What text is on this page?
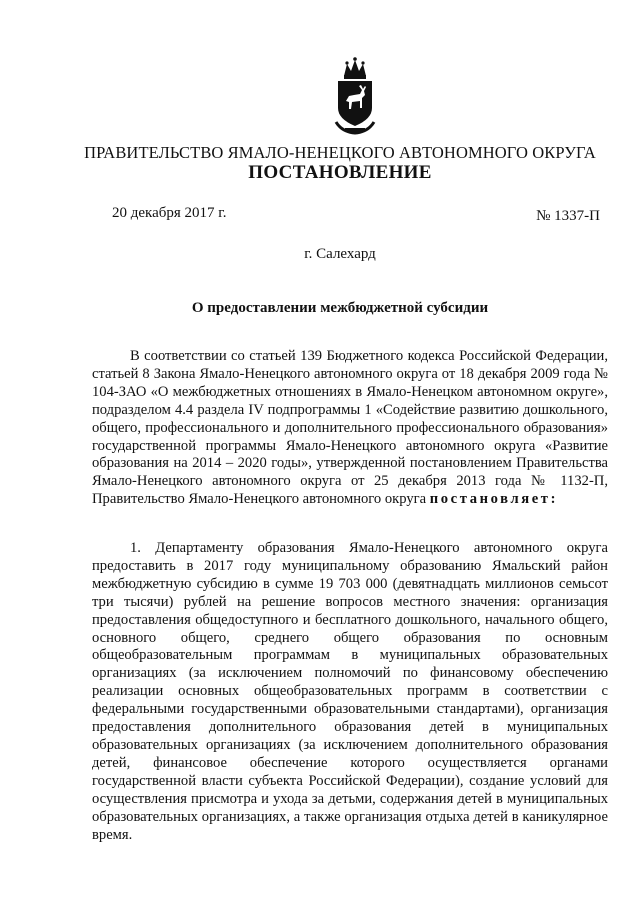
ПРАВИТЕЛЬСТВО ЯМАЛО-НЕНЕЦКОГО АВТОНОМНОГО ОКРУГА
ПОСТАНОВЛЕНИЕ
20 декабря 2017 г.	№ 1337-П
г. Салехард
О предоставлении межбюджетной субсидии

В соответствии со статьей 139 Бюджетного кодекса Российской Федерации, статьей 8 Закона Ямало-Ненецкого автономного округа от 18 декабря 2009 года № 104-ЗАО «О межбюджетных отношениях в Ямало-Ненецком автономном округе», подразделом 4.4 раздела IV подпрограммы 1 «Содействие развитию дошкольного, общего, профессионального и дополнительного профессионального образования» государственной программы Ямало-Ненецкого автономного округа «Развитие образования на 2014 – 2020 годы», утвержденной постановлением Правительства Ямало-Ненецкого автономного округа от 25 декабря 2013 года № 1132-П, Правительство Ямало-Ненецкого автономного округа постановляет:

1. Департаменту образования Ямало-Ненецкого автономного округа предоставить в 2017 году муниципальному образованию Ямальский район межбюджетную субсидию в сумме 19 703 000 (девятнадцать миллионов семьсот три тысячи) рублей на решение вопросов местного значения: организация предоставления общедоступного и бесплатного дошкольного, начального общего, основного общего, среднего общего образования по основным общеобразовательным программам в муниципальных образовательных организациях (за исключением полномочий по финансовому обеспечению реализации основных общеобразовательных программ в соответствии с федеральными государственными образовательными стандартами), организация предоставления дополнительного образования детей в муниципальных образовательных организациях (за исключением дополнительного образования детей, финансовое обеспечение которого осуществляется органами государственной власти субъекта Российской Федерации), создание условий для осуществления присмотра и ухода за детьми, содержания детей в муниципальных образовательных организациях, а также организация отдыха детей в каникулярное время.
